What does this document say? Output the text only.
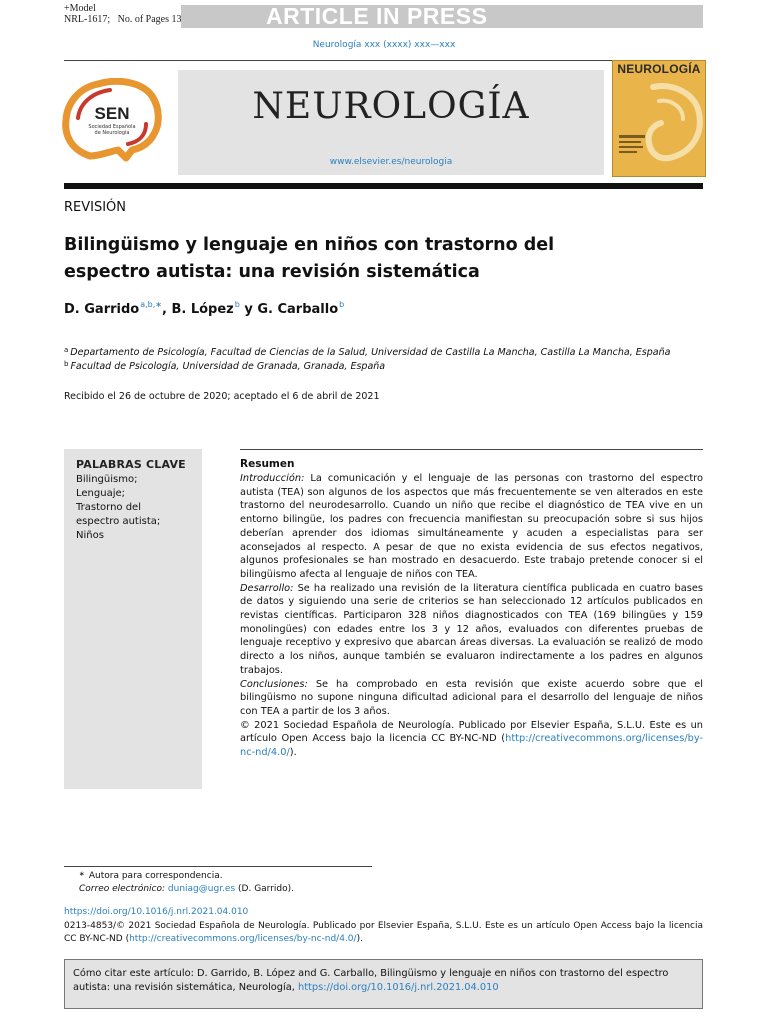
+Model
NRL-1617; No. of Pages 13	ARTICLE IN PRESS
Neurología xxx (xxxx) xxx—xxx
SEN
Sociedad Española
de Neurología
NEUROLOGÍA
www.elsevier.es/neurologia
NEUROLOGÍA
REVISIÓN
Bilingüismo y lenguaje en niños con trastorno del
espectro autista: una revisión sistemática
D. Garrido$^{a,b,∗}$, B. López$^b$ y G. Carballo$^b$
$^a$ Departamento de Psicología, Facultad de Ciencias de la Salud, Universidad de Castilla La Mancha, Castilla La Mancha, España
$^b$ Facultad de Psicología, Universidad de Granada, Granada, España
Recibido el 26 de octubre de 2020; aceptado el 6 de abril de 2021
PALABRAS CLAVE
Bilingüismo;
Lenguaje;
Trastorno del
espectro autista;
Niños
Resumen

Introducción: La comunicación y el lenguaje de las personas con trastorno del espectro autista (TEA) son algunos de los aspectos que más frecuentemente se ven alterados en este trastorno del neurodesarrollo. Cuando un niño que recibe el diagnóstico de TEA vive en un entorno bilingüe, los padres con frecuencia manifiestan su preocupación sobre si sus hijos deberían aprender dos idiomas simultáneamente y acuden a especialistas para ser aconsejados al respecto. A pesar de que no exista evidencia de sus efectos negativos, algunos profesionales se han mostrado en desacuerdo. Este trabajo pretende conocer si el bilingüismo afecta al lenguaje de niños con TEA.

Desarrollo: Se ha realizado una revisión de la literatura científica publicada en cuatro bases de datos y siguiendo una serie de criterios se han seleccionado 12 artículos publicados en revistas científicas. Participaron 328 niños diagnosticados con TEA (169 bilingües y 159 monolingües) con edades entre los 3 y 12 años, evaluados con diferentes pruebas de lenguaje receptivo y expresivo que abarcan áreas diversas. La evaluación se realizó de modo directo a los niños, aunque también se evaluaron indirectamente a los padres en algunos trabajos.

Conclusiones: Se ha comprobado en esta revisión que existe acuerdo sobre que el bilingüismo no supone ninguna dificultad adicional para el desarrollo del lenguaje de niños con TEA a partir de los 3 años.

© 2021 Sociedad Española de Neurología. Publicado por Elsevier España, S.L.U. Este es un artículo Open Access bajo la licencia CC BY-NC-ND (http://creativecommons.org/licenses/by-nc-nd/4.0/).

∗ Autora para correspondencia.
Correo electrónico: duniag@ugr.es (D. Garrido).
https://doi.org/10.1016/j.nrl.2021.04.010
0213-4853/© 2021 Sociedad Española de Neurología. Publicado por Elsevier España, S.L.U. Este es un artículo Open Access bajo la licencia CC BY-NC-ND (http://creativecommons.org/licenses/by-nc-nd/4.0/).
Cómo citar este artículo: D. Garrido, B. López and G. Carballo, Bilingüismo y lenguaje en niños con trastorno del espectro autista: una revisión sistemática, Neurología, https://doi.org/10.1016/j.nrl.2021.04.010
